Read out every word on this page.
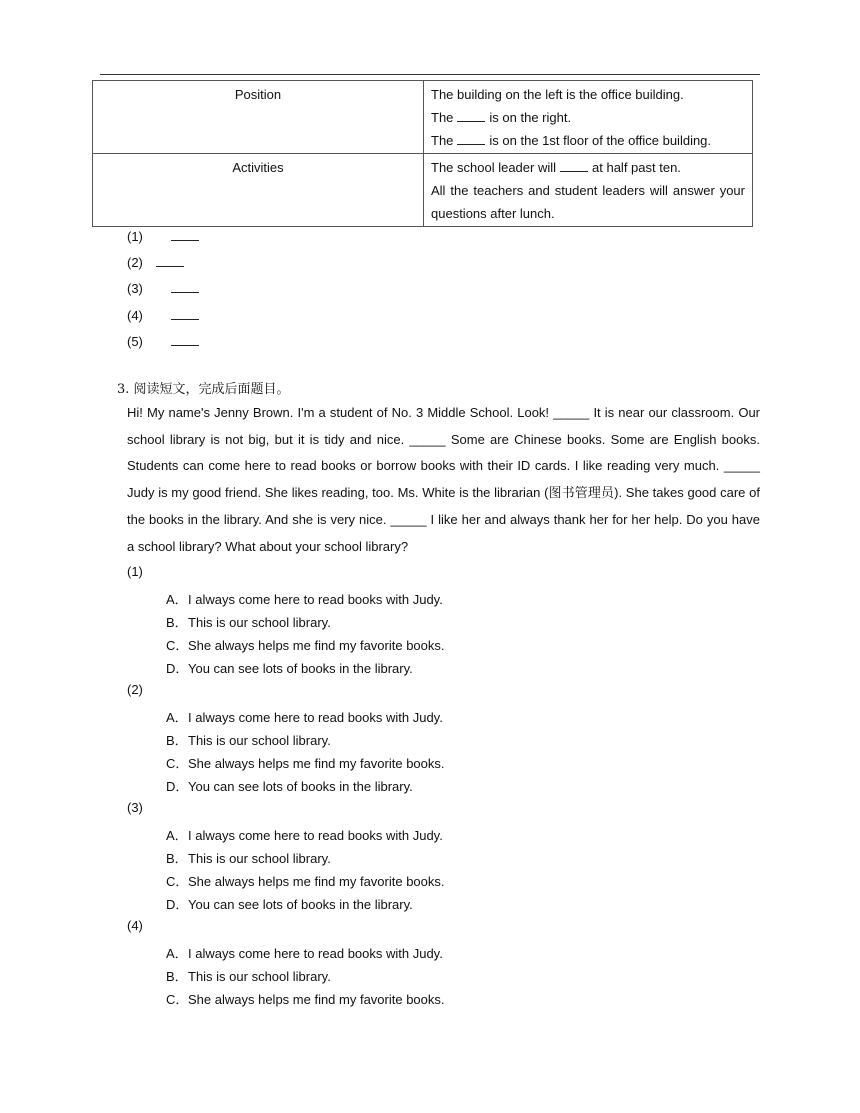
Position	The building on the left is the office building.
The is on the right.
The is on the 1st floor of the office building.

Activities	The school leader will at half past ten.
All the teachers and student leaders will answer your questions after lunch.
(1)
(2)
(3)
(4)
(5)
3. 阅读短文，完成后面题目。
Hi! My name's Jenny Brown. I'm a student of No. 3 Middle School. Look! _____ It is near our classroom. Our school library is not big, but it is tidy and nice. _____ Some are Chinese books. Some are English books. Students can come here to read books or borrow books with their ID cards. I like reading very much. _____ Judy is my good friend. She likes reading, too. Ms. White is the librarian (图书管理员). She takes good care of the books in the library. And she is very nice. _____ I like her and always thank her for her help. Do you have a school library? What about your school library?
(1)
A．I always come here to read books with Judy.
B．This is our school library.
C．She always helps me find my favorite books.
D．You can see lots of books in the library.
(2)
A．I always come here to read books with Judy.
B．This is our school library.
C．She always helps me find my favorite books.
D．You can see lots of books in the library.
(3)
A．I always come here to read books with Judy.
B．This is our school library.
C．She always helps me find my favorite books.
D．You can see lots of books in the library.
(4)
A．I always come here to read books with Judy.
B．This is our school library.
C．She always helps me find my favorite books.
